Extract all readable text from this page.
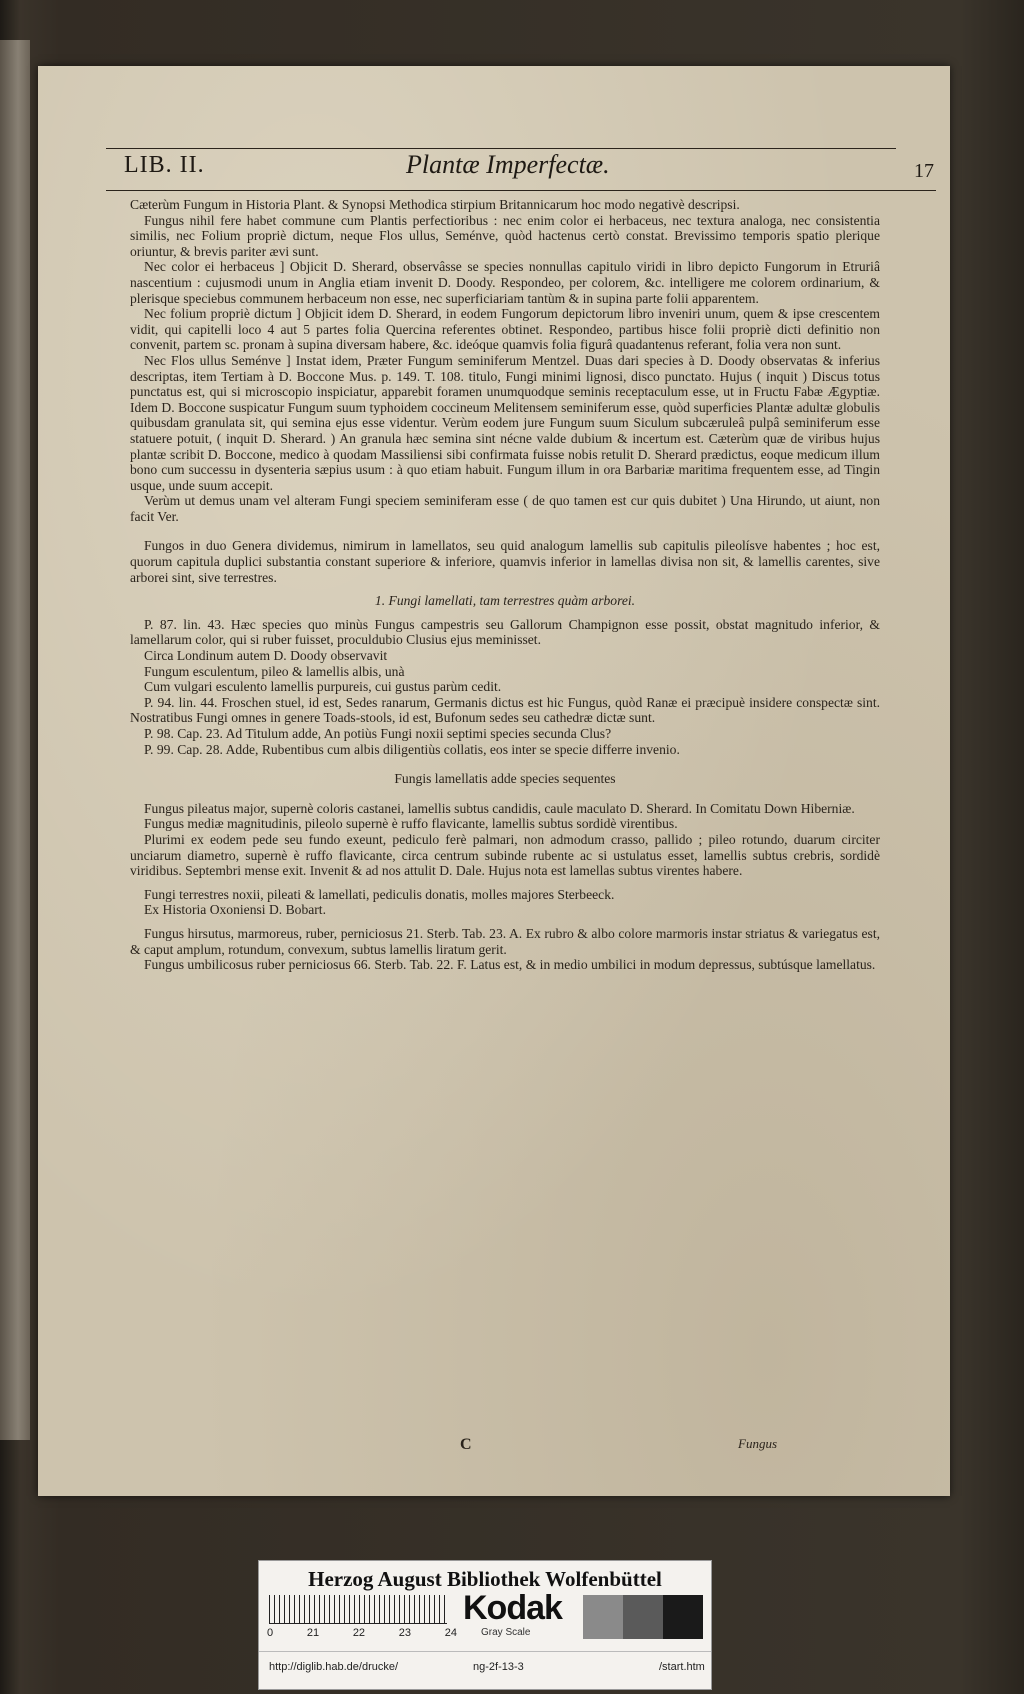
LIB. II.	Plantæ Imperfectæ.	17

Cæterùm Fungum in Historia Plant. & Synopsi Methodica stirpium Britannicarum hoc modo negativè descripsi.

Fungus nihil fere habet commune cum Plantis perfectioribus : nec enim color ei herbaceus, nec textura analoga, nec consistentia similis, nec Folium propriè dictum, neque Flos ullus, Seménve, quòd hactenus certò constat. Brevissimo temporis spatio plerique oriuntur, & brevis pariter ævi sunt.

Nec color ei herbaceus ] Objicit D. Sherard, observâsse se species nonnullas capitulo viridi in libro depicto Fungorum in Etruriâ nascentium : cujusmodi unum in Anglia etiam invenit D. Doody. Respondeo, per colorem, &c. intelligere me colorem ordinarium, & plerisque speciebus communem herbaceum non esse, nec superficiariam tantùm & in supina parte folii apparentem.

Nec folium propriè dictum ] Objicit idem D. Sherard, in eodem Fungorum depictorum libro inveniri unum, quem & ipse crescentem vidit, qui capitelli loco 4 aut 5 partes folia Quercina referentes obtinet. Respondeo, partibus hisce folii propriè dicti definitio non convenit, partem sc. pronam à supina diversam habere, &c. ideóque quamvis folia figurâ quadantenus referant, folia vera non sunt.

Nec Flos ullus Seménve ] Instat idem, Præter Fungum seminiferum Mentzel. Duas dari species à D. Doody observatas & inferius descriptas, item Tertiam à D. Boccone Mus. p. 149. T. 108. titulo, Fungi minimi lignosi, disco punctato. Hujus ( inquit ) Discus totus punctatus est, qui si microscopio inspiciatur, apparebit foramen unumquodque seminis receptaculum esse, ut in Fructu Fabæ Ægyptiæ. Idem D. Boccone suspicatur Fungum suum typhoidem coccineum Melitensem seminiferum esse, quòd superficies Plantæ adultæ globulis quibusdam granulata sit, qui semina ejus esse videntur. Verùm eodem jure Fungum suum Siculum subcæruleâ pulpâ seminiferum esse statuere potuit, ( inquit D. Sherard. ) An granula hæc semina sint nécne valde dubium & incertum est. Cæterùm quæ de viribus hujus plantæ scribit D. Boccone, medico à quodam Massiliensi sibi confirmata fuisse nobis retulit D. Sherard prædictus, eoque medicum illum bono cum successu in dysenteria sæpius usum : à quo etiam habuit. Fungum illum in ora Barbariæ maritima frequentem esse, ad Tingin usque, unde suum accepit.

Verùm ut demus unam vel alteram Fungi speciem seminiferam esse ( de quo tamen est cur quis dubitet ) Una Hirundo, ut aiunt, non facit Ver.

Fungos in duo Genera dividemus, nimirum in lamellatos, seu quid analogum lamellis sub capitulis pileolísve habentes ; hoc est, quorum capitula duplici substantia constant superiore & inferiore, quamvis inferior in lamellas divisa non sit, & lamellis carentes, sive arborei sint, sive terrestres.

1. Fungi lamellati, tam terrestres quàm arborei.

P. 87. lin. 43. Hæc species quo minùs Fungus campestris seu Gallorum Champignon esse possit, obstat magnitudo inferior, & lamellarum color, qui si ruber fuisset, proculdubio Clusius ejus meminisset.

Circa Londinum autem D. Doody observavit

Fungum esculentum, pileo & lamellis albis, unà

Cum vulgari esculento lamellis purpureis, cui gustus parùm cedit.

P. 94. lin. 44. Froschen stuel, id est, Sedes ranarum, Germanis dictus est hic Fungus, quòd Ranæ ei præcipuè insidere conspectæ sint. Nostratibus Fungi omnes in genere Toads-stools, id est, Bufonum sedes seu cathedræ dictæ sunt.

P. 98. Cap. 23. Ad Titulum adde, An potiùs Fungi noxii septimi species secunda Clus?

P. 99. Cap. 28. Adde, Rubentibus cum albis diligentiùs collatis, eos inter se specie differre invenio.

Fungis lamellatis adde species sequentes

Fungus pileatus major, supernè coloris castanei, lamellis subtus candidis, caule maculato D. Sherard. In Comitatu Down Hiberniæ.

Fungus mediæ magnitudinis, pileolo supernè è ruffo flavicante, lamellis subtus sordidè virentibus.

Plurimi ex eodem pede seu fundo exeunt, pediculo ferè palmari, non admodum crasso, pallido ; pileo rotundo, duarum circiter unciarum diametro, supernè è ruffo flavicante, circa centrum subinde rubente ac si ustulatus esset, lamellis subtus crebris, sordidè viridibus. Septembri mense exit. Invenit & ad nos attulit D. Dale. Hujus nota est lamellas subtus virentes habere.

Fungi terrestres noxii, pileati & lamellati, pediculis donatis, molles majores Sterbeeck.

Ex Historia Oxoniensi D. Bobart.

Fungus hirsutus, marmoreus, ruber, perniciosus 21. Sterb. Tab. 23. A. Ex rubro & albo colore marmoris instar striatus & variegatus est, & caput amplum, rotundum, convexum, subtus lamellis liratum gerit.

Fungus umbilicosus ruber perniciosus 66. Sterb. Tab. 22. F. Latus est, & in medio umbilici in modum depressus, subtúsque lamellatus.

C	Fungus
Herzog August Bibliothek Wolfenbüttel
0	21	22	23	24
Kodak
Gray Scale
http://diglib.hab.de/drucke/	ng-2f-13-3	/start.htm
